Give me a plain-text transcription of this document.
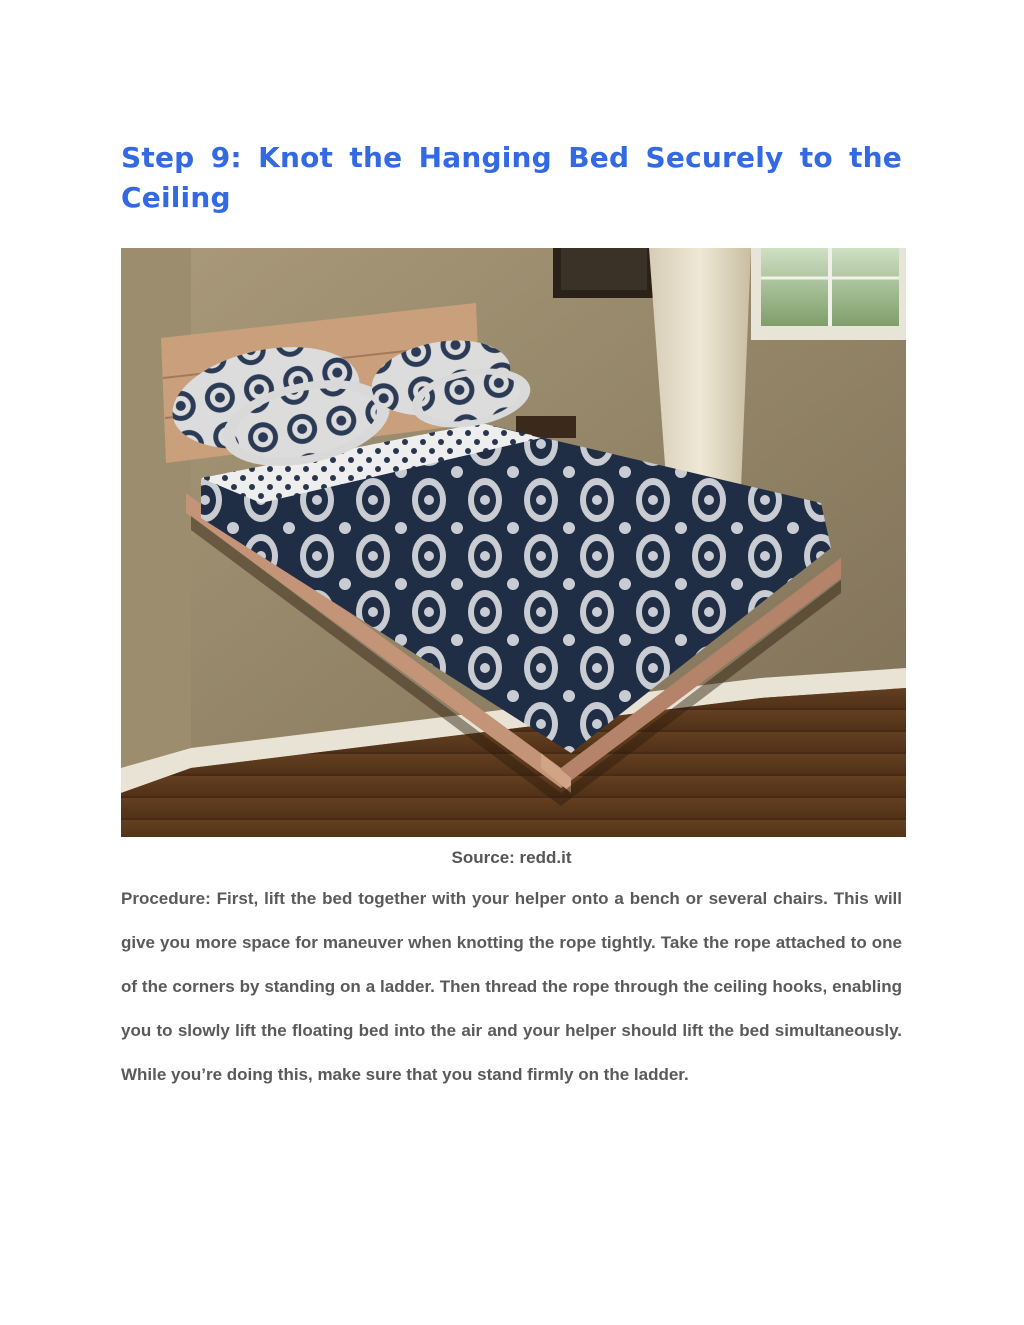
Step 9: Knot the Hanging Bed Securely to the
Ceiling
Source: redd.it

Procedure: First, lift the bed together with your helper onto a bench or several chairs. This will give you more space for maneuver when knotting the rope tightly. Take the rope attached to one of the corners by standing on a ladder. Then thread the rope through the ceiling hooks, enabling you to slowly lift the floating bed into the air and your helper should lift the bed simultaneously. While you’re doing this, make sure that you stand firmly on the ladder.
